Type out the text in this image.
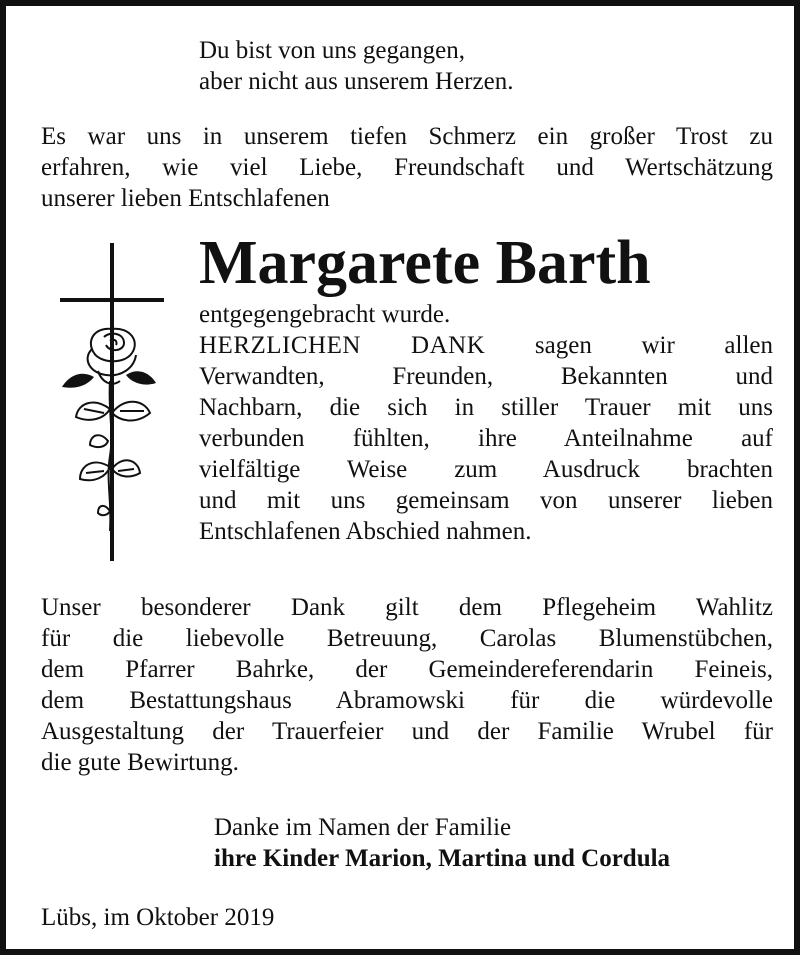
Du bist von uns gegangen,
aber nicht aus unserem Herzen.
Es war uns in unserem tiefen Schmerz ein großer Trost zu
erfahren, wie viel Liebe, Freundschaft und Wertschätzung
unserer lieben Entschlafenen
Margarete Barth
entgegengebracht wurde.
HERZLICHEN DANK sagen wir allen
Verwandten, Freunden, Bekannten und
Nachbarn, die sich in stiller Trauer mit uns
verbunden fühlten, ihre Anteilnahme auf
vielfältige Weise zum Ausdruck brachten
und mit uns gemeinsam von unserer lieben
Entschlafenen Abschied nahmen.
Unser besonderer Dank gilt dem Pflegeheim Wahlitz
für die liebevolle Betreuung, Carolas Blumenstübchen,
dem Pfarrer Bahrke, der Gemeindereferendarin Feineis,
dem Bestattungshaus Abramowski für die würdevolle
Ausgestaltung der Trauerfeier und der Familie Wrubel für
die gute Bewirtung.
Danke im Namen der Familie
ihre Kinder Marion, Martina und Cordula
Lübs, im Oktober 2019
